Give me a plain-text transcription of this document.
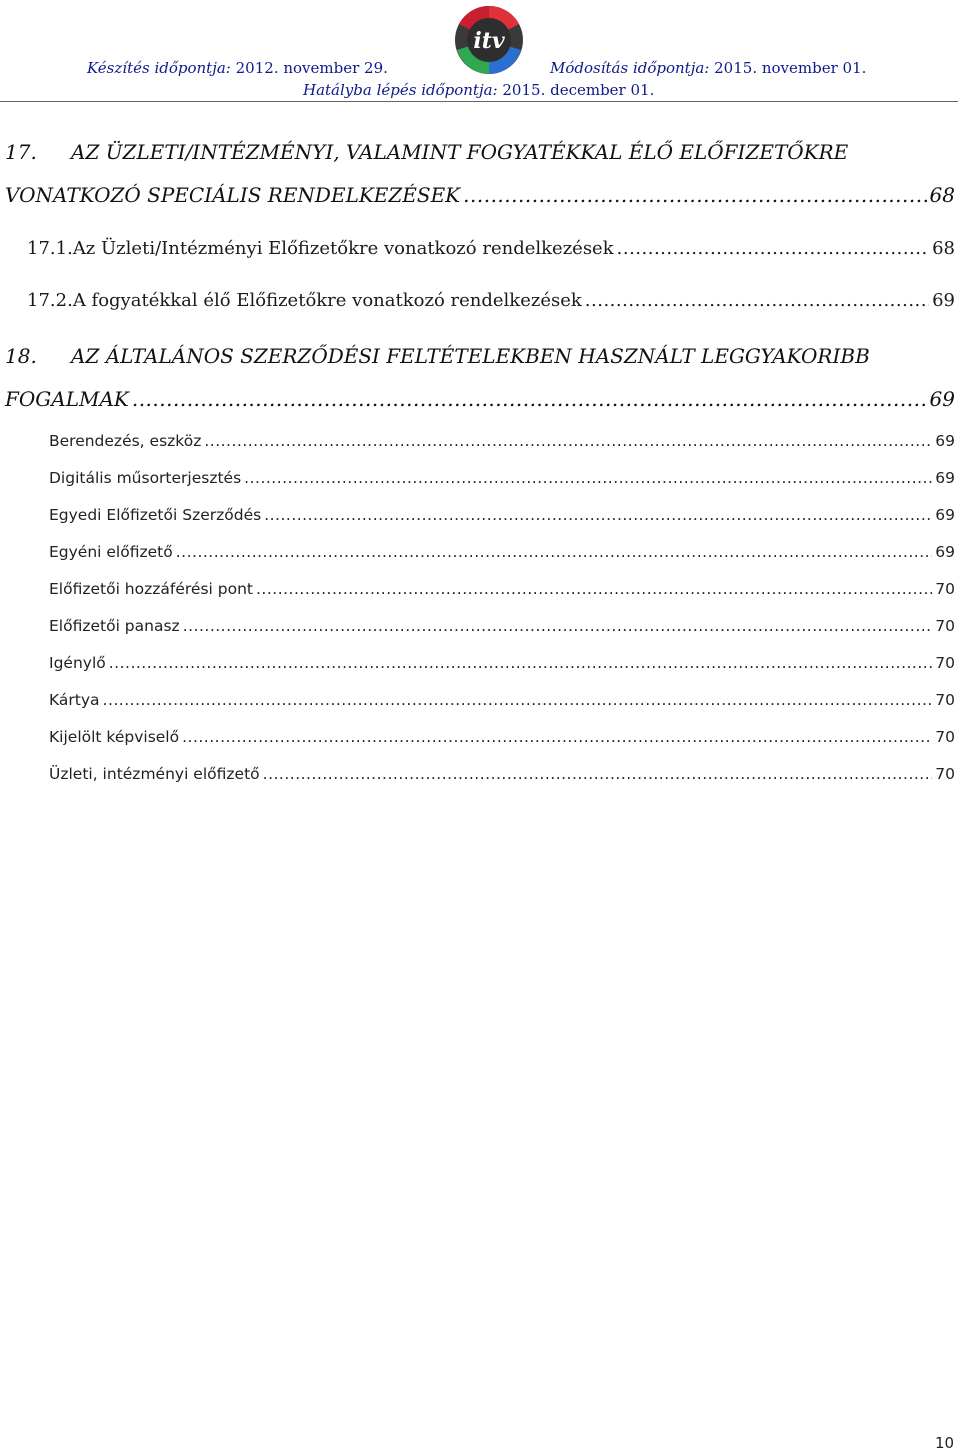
itv
Készítés időpontja: 2012. november 29.	Módosítás időpontja: 2015. november 01.
Hatályba lépés időpontja: 2015. december 01.
17.	AZ ÜZLETI/INTÉZMÉNYI, VALAMINT FOGYATÉKKAL ÉLŐ ELŐFIZETŐKRE
VONATKOZÓ SPECIÁLIS RENDELKEZÉSEK .....	68
17.1. Az Üzleti/Intézményi Előfizetőkre vonatkozó rendelkezések .....	68
17.2. A fogyatékkal élő Előfizetőkre vonatkozó rendelkezések .....	69
18.	AZ ÁLTALÁNOS SZERZŐDÉSI FELTÉTELEKBEN HASZNÁLT LEGGYAKORIBB
FOGALMAK .....	69
Berendezés, eszköz .....	69
Digitális műsorterjesztés .....	69
Egyedi Előfizetői Szerződés .....	69
Egyéni előfizető .....	69
Előfizetői hozzáférési pont .....	70
Előfizetői panasz .....	70
Igénylő .....	70
Kártya .....	70
Kijelölt képviselő .....	70
Üzleti, intézményi előfizető .....	70
10
